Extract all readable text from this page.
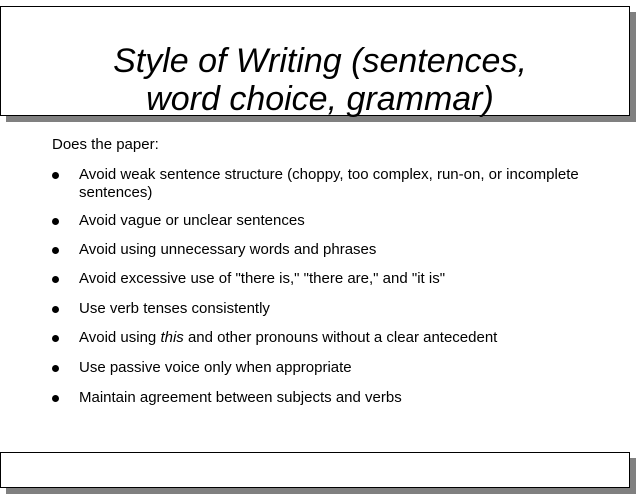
Style of Writing (sentences,
word choice, grammar)
Does the paper:
Avoid weak sentence structure (choppy, too complex, run-on, or incomplete sentences)
Avoid vague or unclear sentences
Avoid using unnecessary words and phrases
Avoid excessive use of "there is," "there are," and "it is"
Use verb tenses consistently
Avoid using this and other pronouns without a clear antecedent
Use passive voice only when appropriate
Maintain agreement between subjects and verbs
